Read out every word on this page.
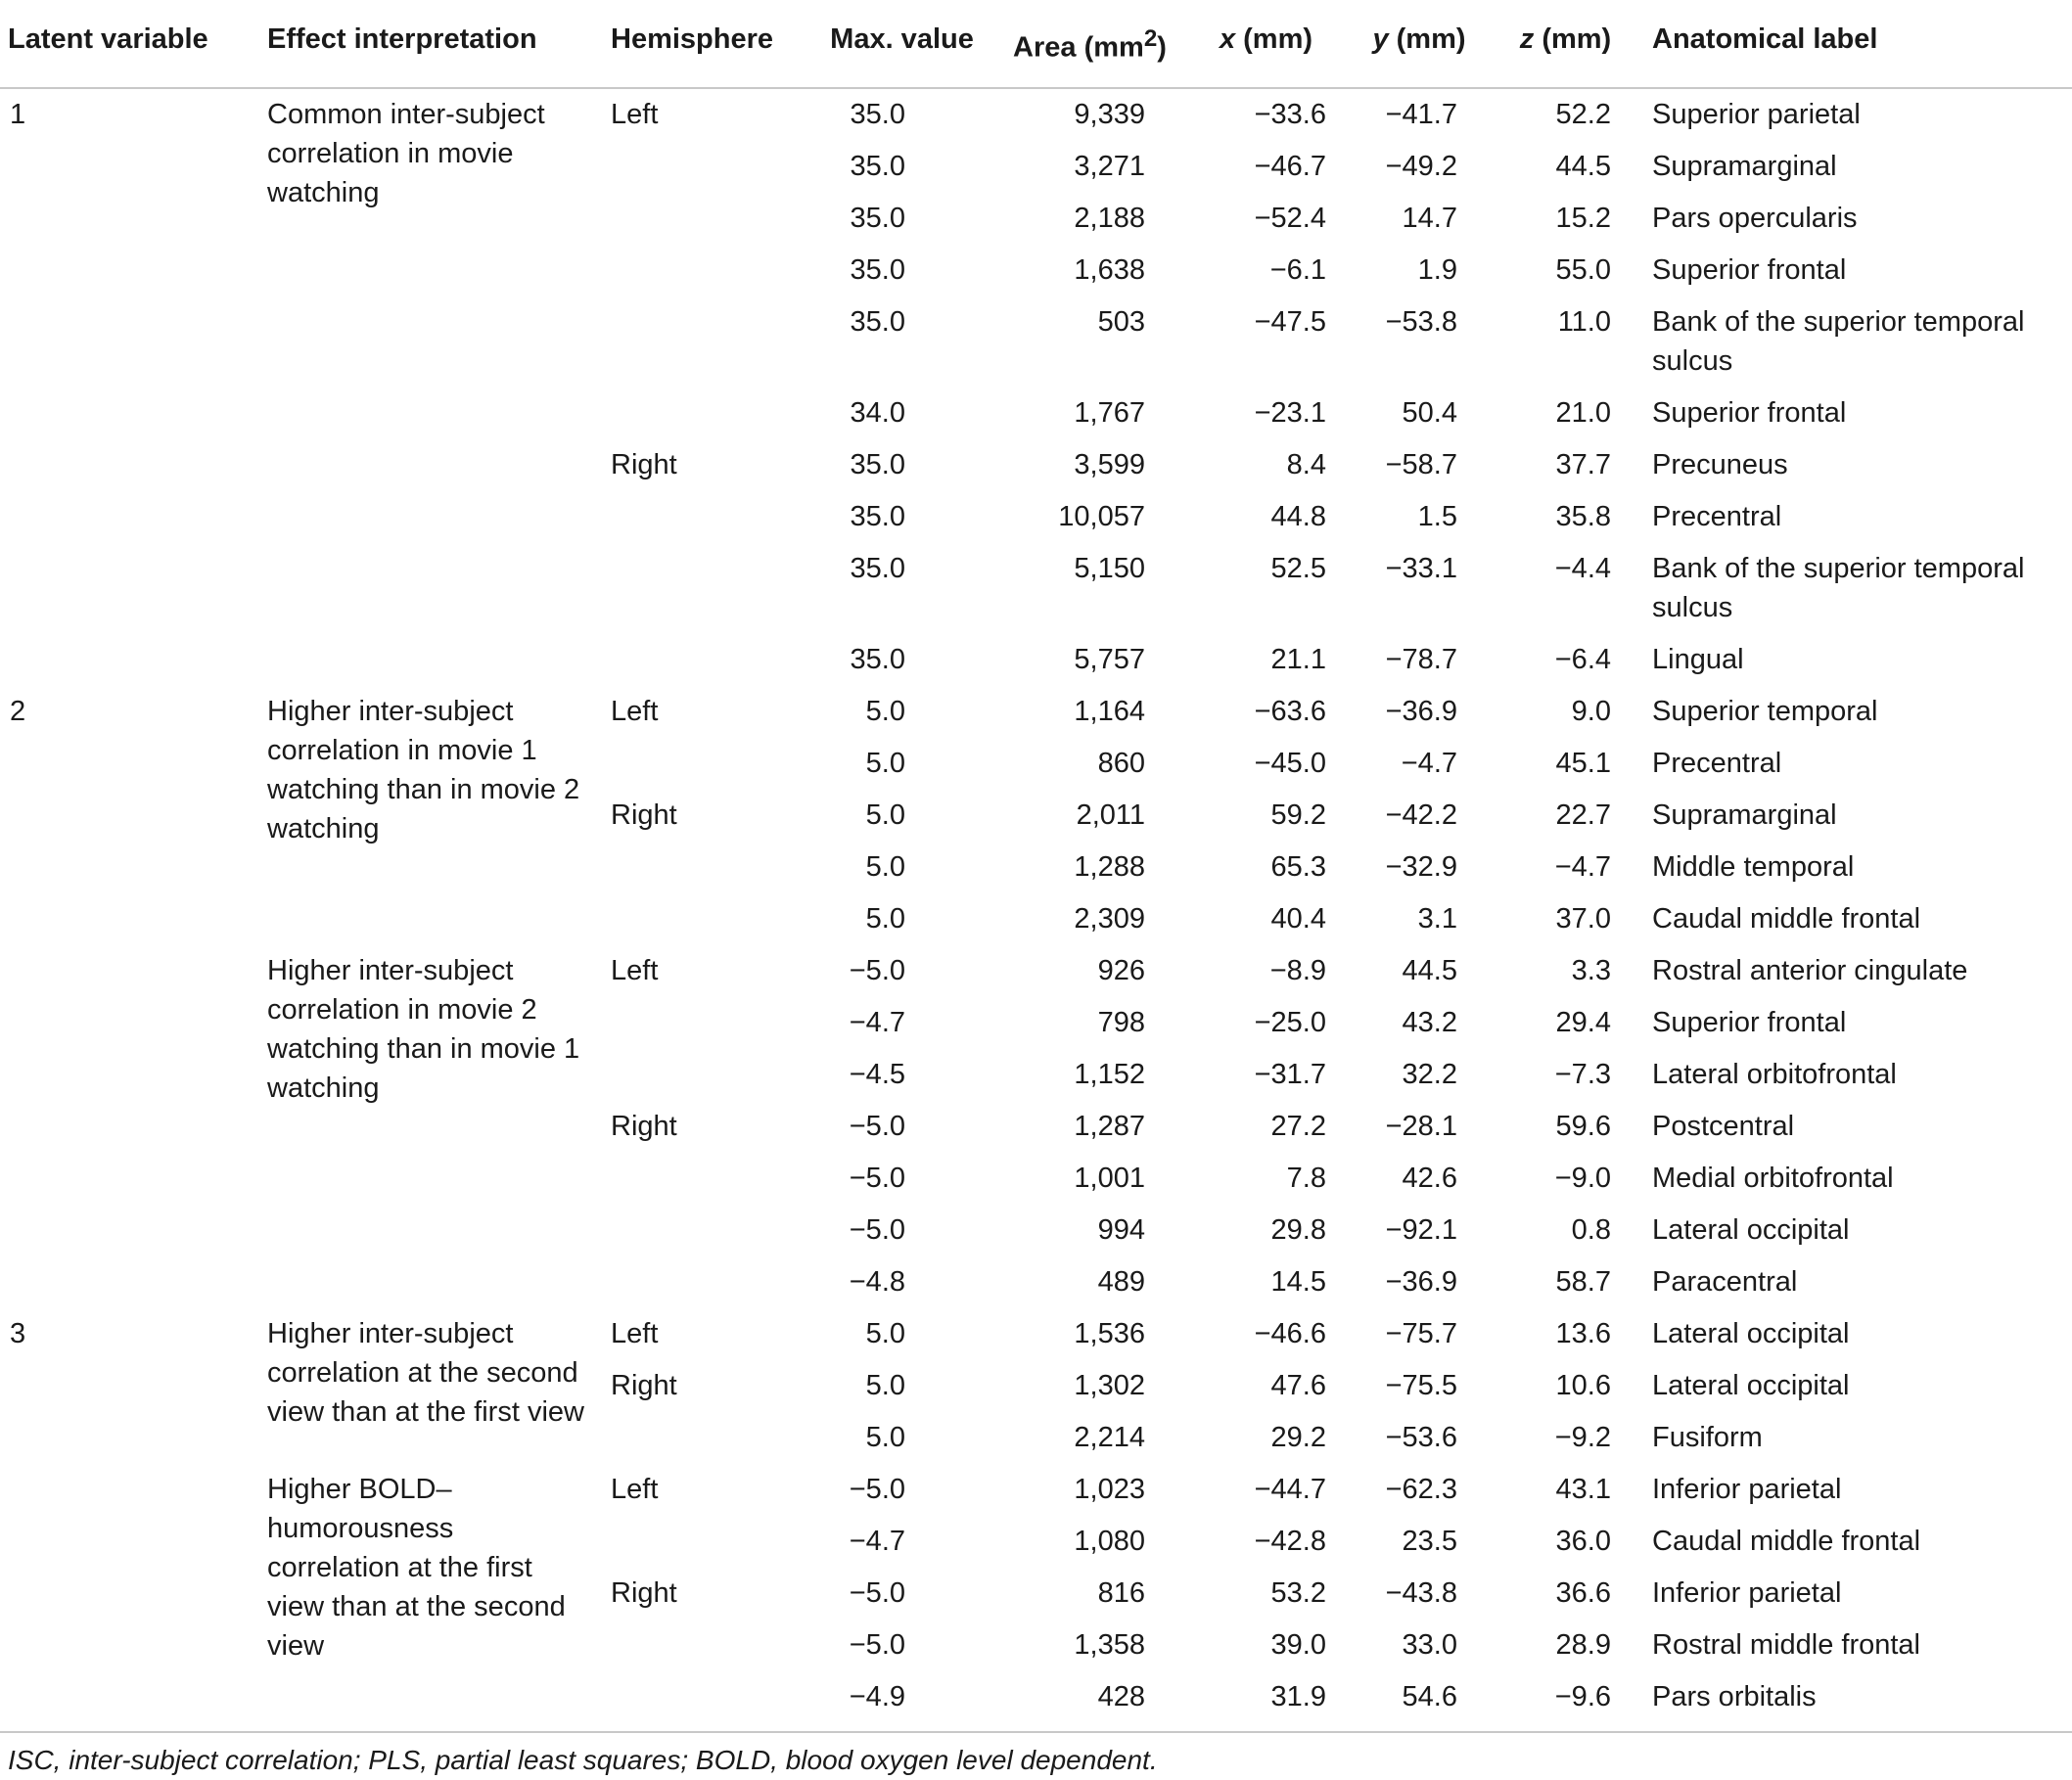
Latent variable	Effect interpretation	Hemisphere	Max. value	Area $(mm^2)$	x (mm)	y (mm)	z (mm)	Anatomical label
1	Common inter-subject correlation in movie watching	Left	35.0	9,339	−33.6	−41.7	52.2	Superior parietal
			35.0	3,271	−46.7	−49.2	44.5	Supramarginal
			35.0	2,188	−52.4	14.7	15.2	Pars opercularis
			35.0	1,638	−6.1	1.9	55.0	Superior frontal
			35.0	503	−47.5	−53.8	11.0	Bank of the superior temporal sulcus
			34.0	1,767	−23.1	50.4	21.0	Superior frontal
		Right	35.0	3,599	8.4	−58.7	37.7	Precuneus
			35.0	10,057	44.8	1.5	35.8	Precentral
			35.0	5,150	52.5	−33.1	−4.4	Bank of the superior temporal sulcus
			35.0	5,757	21.1	−78.7	−6.4	Lingual
2	Higher inter-subject correlation in movie 1 watching than in movie 2 watching	Left	5.0	1,164	−63.6	−36.9	9.0	Superior temporal
			5.0	860	−45.0	−4.7	45.1	Precentral
		Right	5.0	2,011	59.2	−42.2	22.7	Supramarginal
			5.0	1,288	65.3	−32.9	−4.7	Middle temporal
			5.0	2,309	40.4	3.1	37.0	Caudal middle frontal
	Higher inter-subject correlation in movie 2 watching than in movie 1 watching	Left	−5.0	926	−8.9	44.5	3.3	Rostral anterior cingulate
			−4.7	798	−25.0	43.2	29.4	Superior frontal
			−4.5	1,152	−31.7	32.2	−7.3	Lateral orbitofrontal
		Right	−5.0	1,287	27.2	−28.1	59.6	Postcentral
			−5.0	1,001	7.8	42.6	−9.0	Medial orbitofrontal
			−5.0	994	29.8	−92.1	0.8	Lateral occipital
			−4.8	489	14.5	−36.9	58.7	Paracentral
3	Higher inter-subject correlation at the second view than at the first view	Left	5.0	1,536	−46.6	−75.7	13.6	Lateral occipital
		Right	5.0	1,302	47.6	−75.5	10.6	Lateral occipital
			5.0	2,214	29.2	−53.6	−9.2	Fusiform
	Higher BOLD–humorousness correlation at the first view than at the second view	Left	−5.0	1,023	−44.7	−62.3	43.1	Inferior parietal
			−4.7	1,080	−42.8	23.5	36.0	Caudal middle frontal
		Right	−5.0	816	53.2	−43.8	36.6	Inferior parietal
			−5.0	1,358	39.0	33.0	28.9	Rostral middle frontal
			−4.9	428	31.9	54.6	−9.6	Pars orbitalis
ISC, inter-subject correlation; PLS, partial least squares; BOLD, blood oxygen level dependent.
